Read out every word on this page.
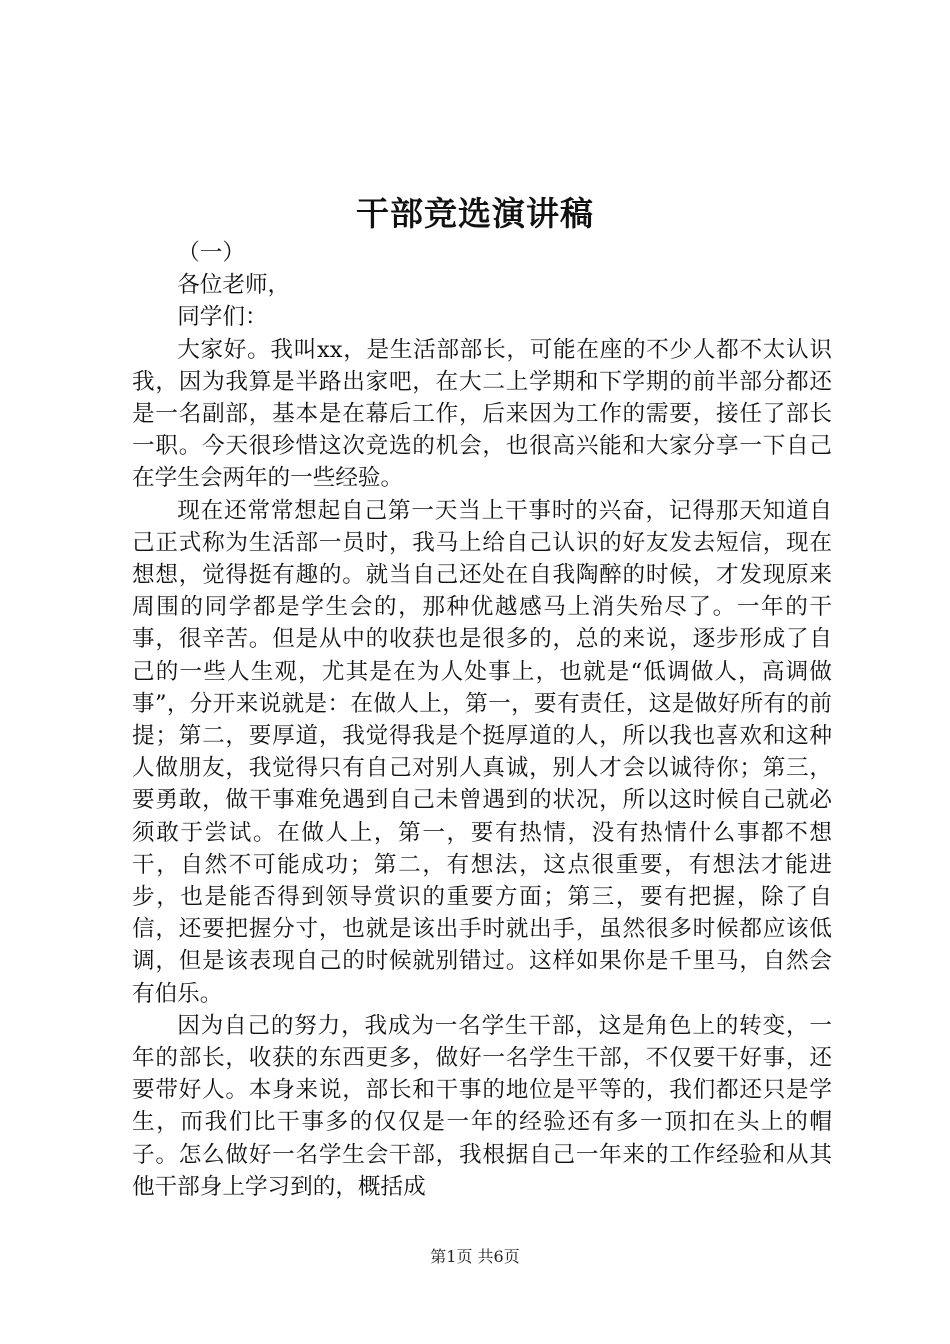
干部竞选演讲稿

（一）

各位老师，

同学们：

大家好。我叫xx，是生活部部长，可能在座的不少人都不太认识我，因为我算是半路出家吧，在大二上学期和下学期的前半部分都还是一名副部，基本是在幕后工作，后来因为工作的需要，接任了部长一职。今天很珍惜这次竞选的机会，也很高兴能和大家分享一下自己在学生会两年的一些经验。

现在还常常想起自己第一天当上干事时的兴奋，记得那天知道自己正式称为生活部一员时，我马上给自己认识的好友发去短信，现在想想，觉得挺有趣的。就当自己还处在自我陶醉的时候，才发现原来周围的同学都是学生会的，那种优越感马上消失殆尽了。一年的干事，很辛苦。但是从中的收获也是很多的，总的来说，逐步形成了自己的一些人生观，尤其是在为人处事上，也就是“低调做人，高调做事”，分开来说就是：在做人上，第一，要有责任，这是做好所有的前提；第二，要厚道，我觉得我是个挺厚道的人，所以我也喜欢和这种人做朋友，我觉得只有自己对别人真诚，别人才会以诚待你；第三，要勇敢，做干事难免遇到自己未曾遇到的状况，所以这时候自己就必须敢于尝试。在做人上，第一，要有热情，没有热情什么事都不想干，自然不可能成功；第二，有想法，这点很重要，有想法才能进步，也是能否得到领导赏识的重要方面；第三，要有把握，除了自信，还要把握分寸，也就是该出手时就出手，虽然很多时候都应该低调，但是该表现自己的时候就别错过。这样如果你是千里马，自然会有伯乐。

因为自己的努力，我成为一名学生干部，这是角色上的转变，一年的部长，收获的东西更多，做好一名学生干部，不仅要干好事，还要带好人。本身来说，部长和干事的地位是平等的，我们都还只是学生，而我们比干事多的仅仅是一年的经验还有多一顶扣在头上的帽子。怎么做好一名学生会干部，我根据自己一年来的工作经验和从其他干部身上学习到的，概括成

第1页 共6页
